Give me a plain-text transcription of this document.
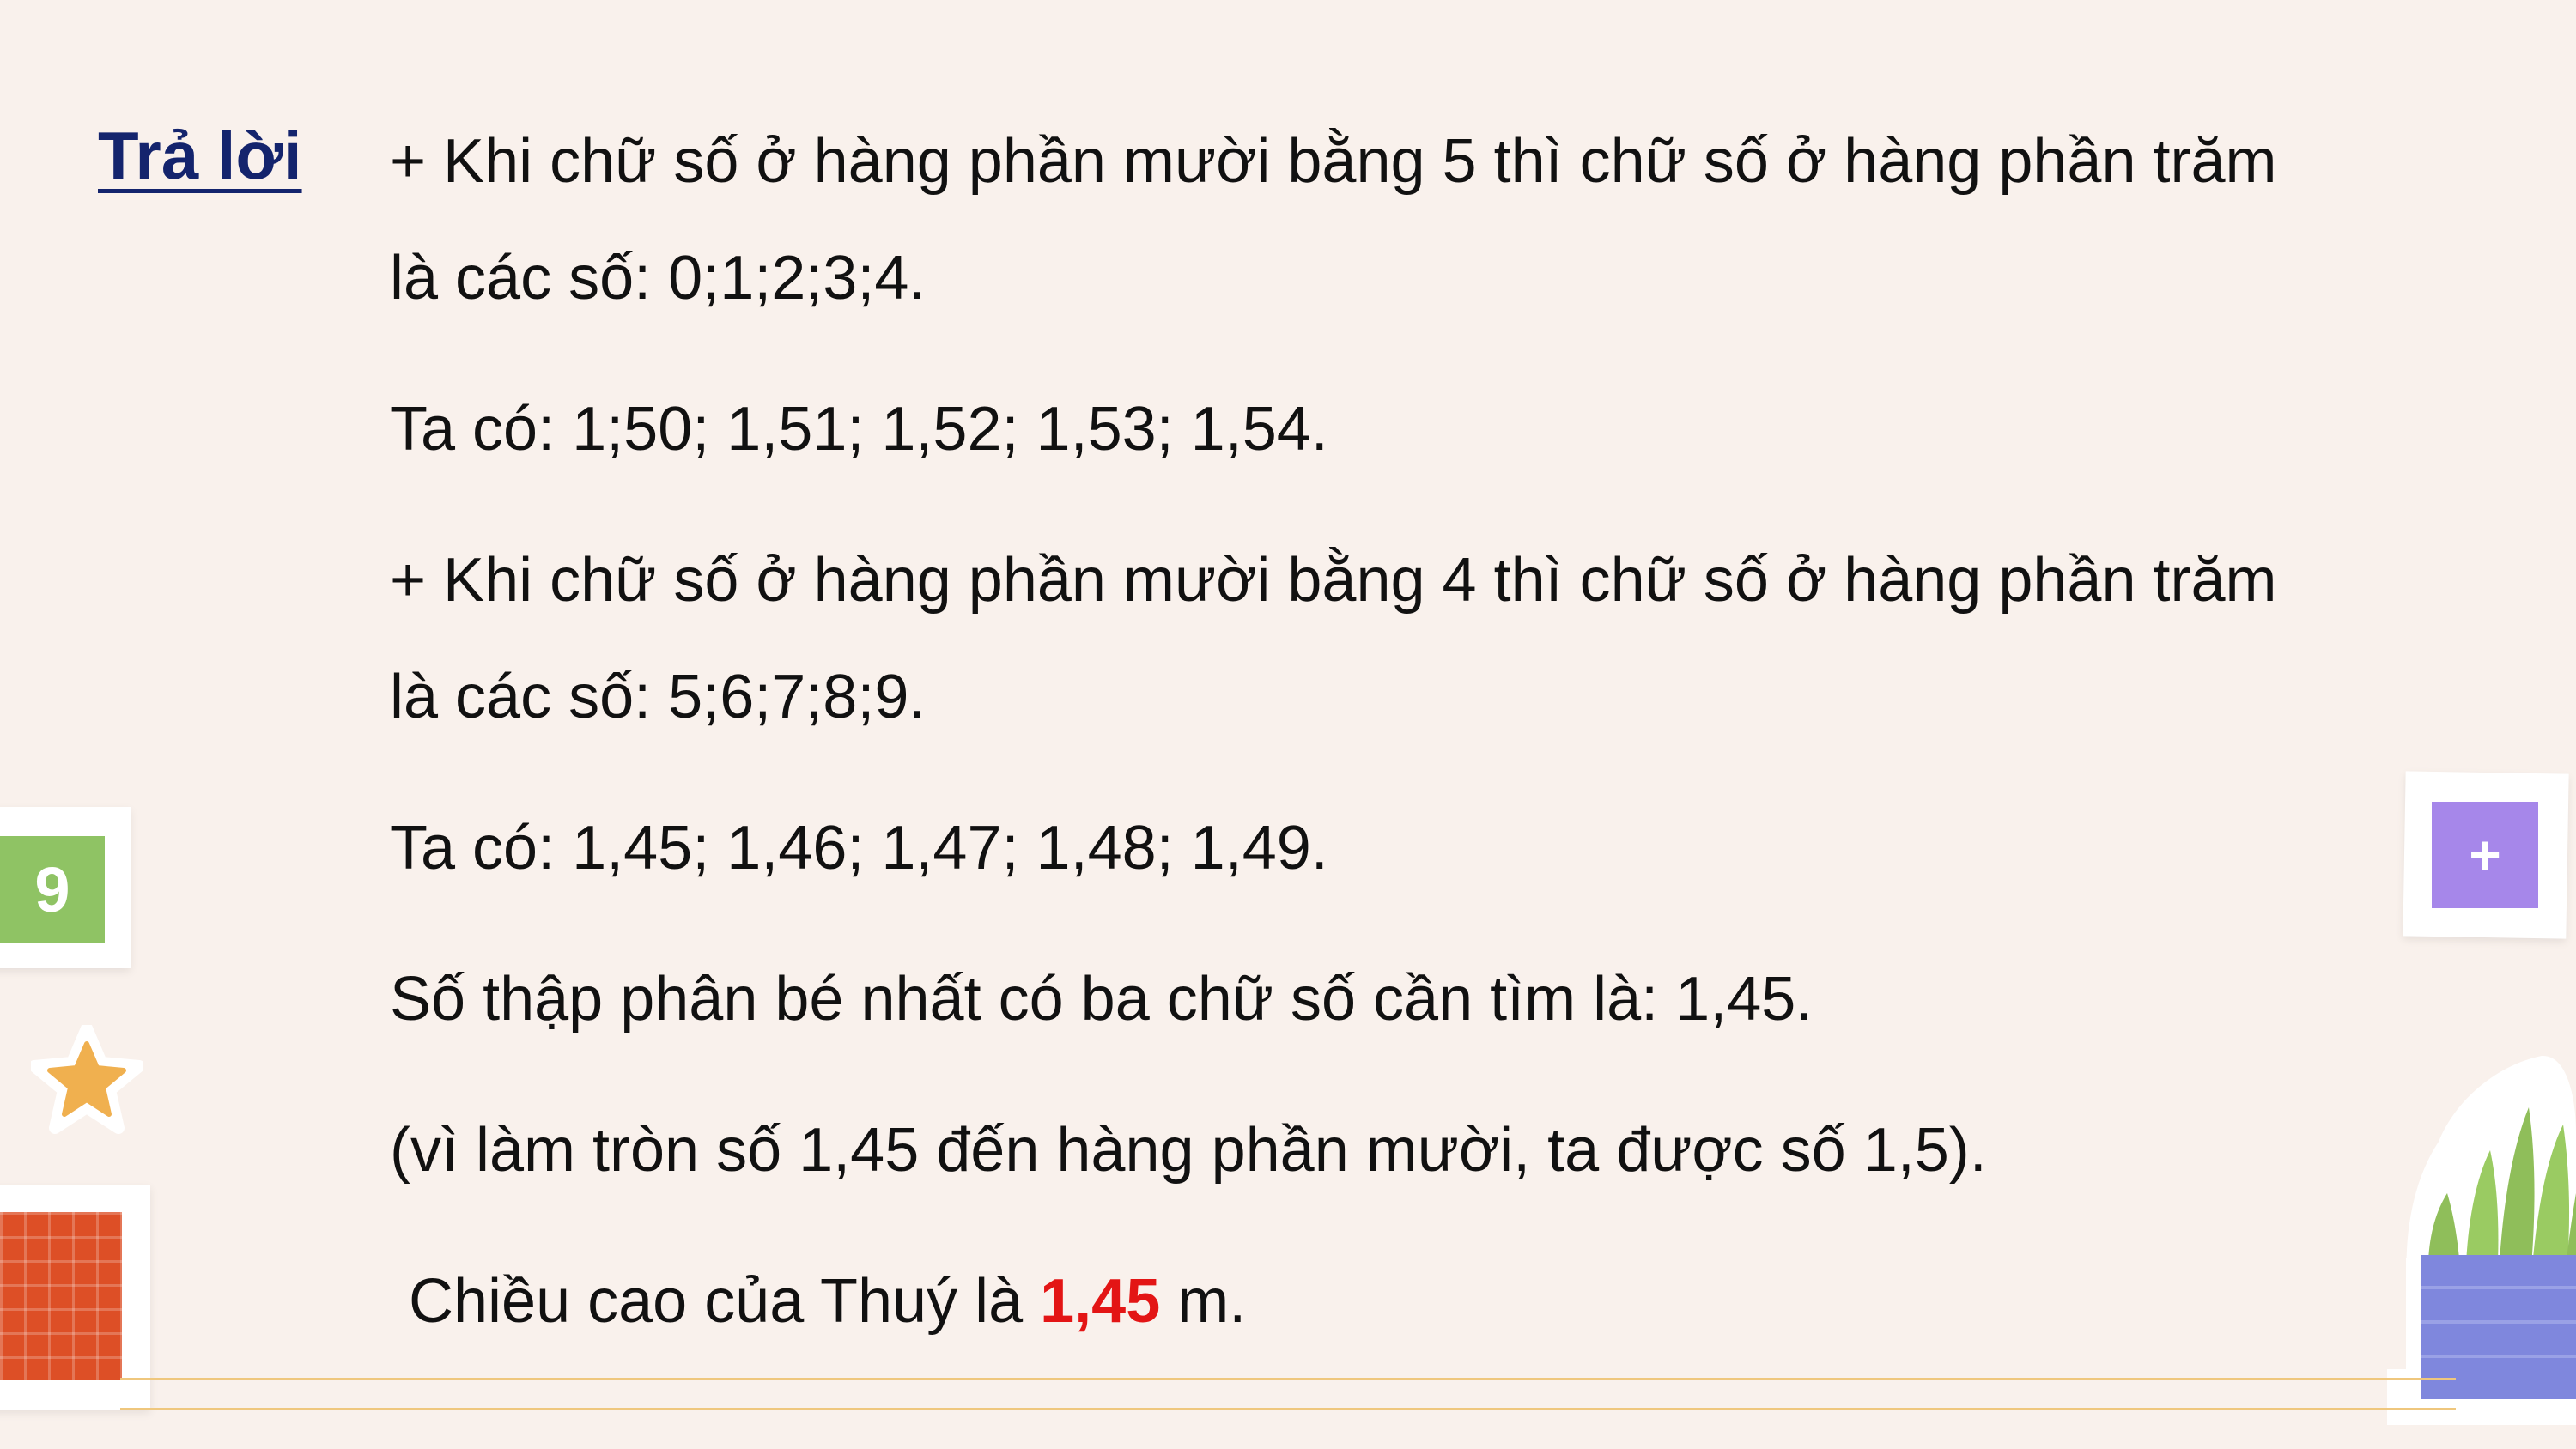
Trả lời + Khi chữ số ở hàng phần mười bằng 5 thì chữ số ở hàng phần trăm
là các số: 0;1;2;3;4.
Ta có: 1;50; 1,51; 1,52; 1,53; 1,54.
+ Khi chữ số ở hàng phần mười bằng 4 thì chữ số ở hàng phần trăm
là các số: 5;6;7;8;9.
Ta có: 1,45; 1,46; 1,47; 1,48; 1,49.
Số thập phân bé nhất có ba chữ số cần tìm là: 1,45.
(vì làm tròn số 1,45 đến hàng phần mười, ta được số 1,5).
Chiều cao của Thuý là 1,45 m.
9	+
